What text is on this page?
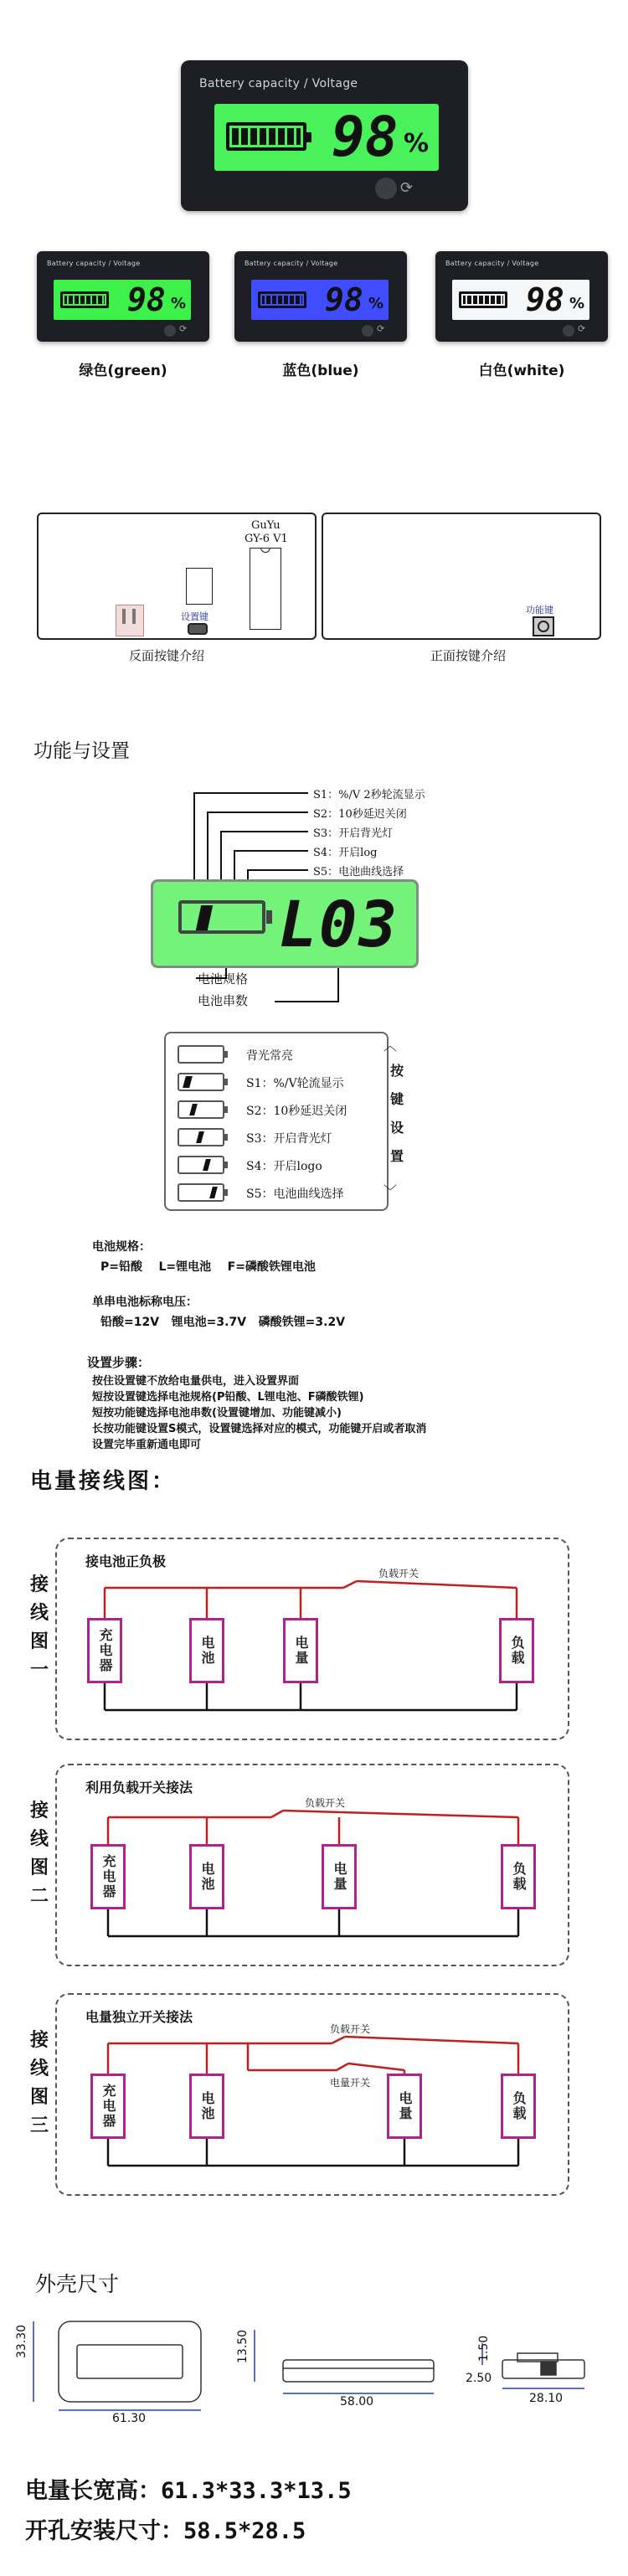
Battery capacity / Voltage
98 %
⟳
Battery capacity / Voltage
98 %
⟳
绿色(green)
Battery capacity / Voltage
98 %
⟳
蓝色(blue)
Battery capacity / Voltage
98 %
⟳
白色(white)
设置键
GuYu
GY-6 V1
反面按键介绍
功能键
正面按键介绍
功能与设置
S1：%/V 2秒轮流显示
S2：10秒延迟关闭
S3：开启背光灯
S4：开启log
S5：电池曲线选择
L03
电池规格
电池串数
背光常亮
S1：%/V轮流显示
S2：10秒延迟关闭
S3：开启背光灯
S4：开启logo
S5：电池曲线选择
︿
按
键
设
置
﹀
电池规格：
P=铅酸    L=锂电池    F=磷酸铁锂电池
单串电池标称电压：
铅酸=12V   锂电池=3.7V   磷酸铁锂=3.2V
设置步骤：
按住设置键不放给电量供电，进入设置界面
短按设置键选择电池规格(P铅酸、L锂电池、F磷酸铁锂)
短按功能键选择电池串数(设置键增加、功能键减小)
长按功能键设置S模式，设置键选择对应的模式，功能键开启或者取消
设置完毕重新通电即可
电量接线图：
接
线
图
一
接电池正负极
负载开关
充电器	电池	电量	负载
接
线
图
二
利用负载开关接法
负载开关
充电器	电池	电量	负载
接
线
图
三
电量独立开关接法
负载开关
电量开关
充电器	电池	电量	负载
外壳尺寸
33.30
61.30
13.50
58.00
1.50
2.50
28.10
电量长宽高：61.3*33.3*13.5
开孔安装尺寸：58.5*28.5
